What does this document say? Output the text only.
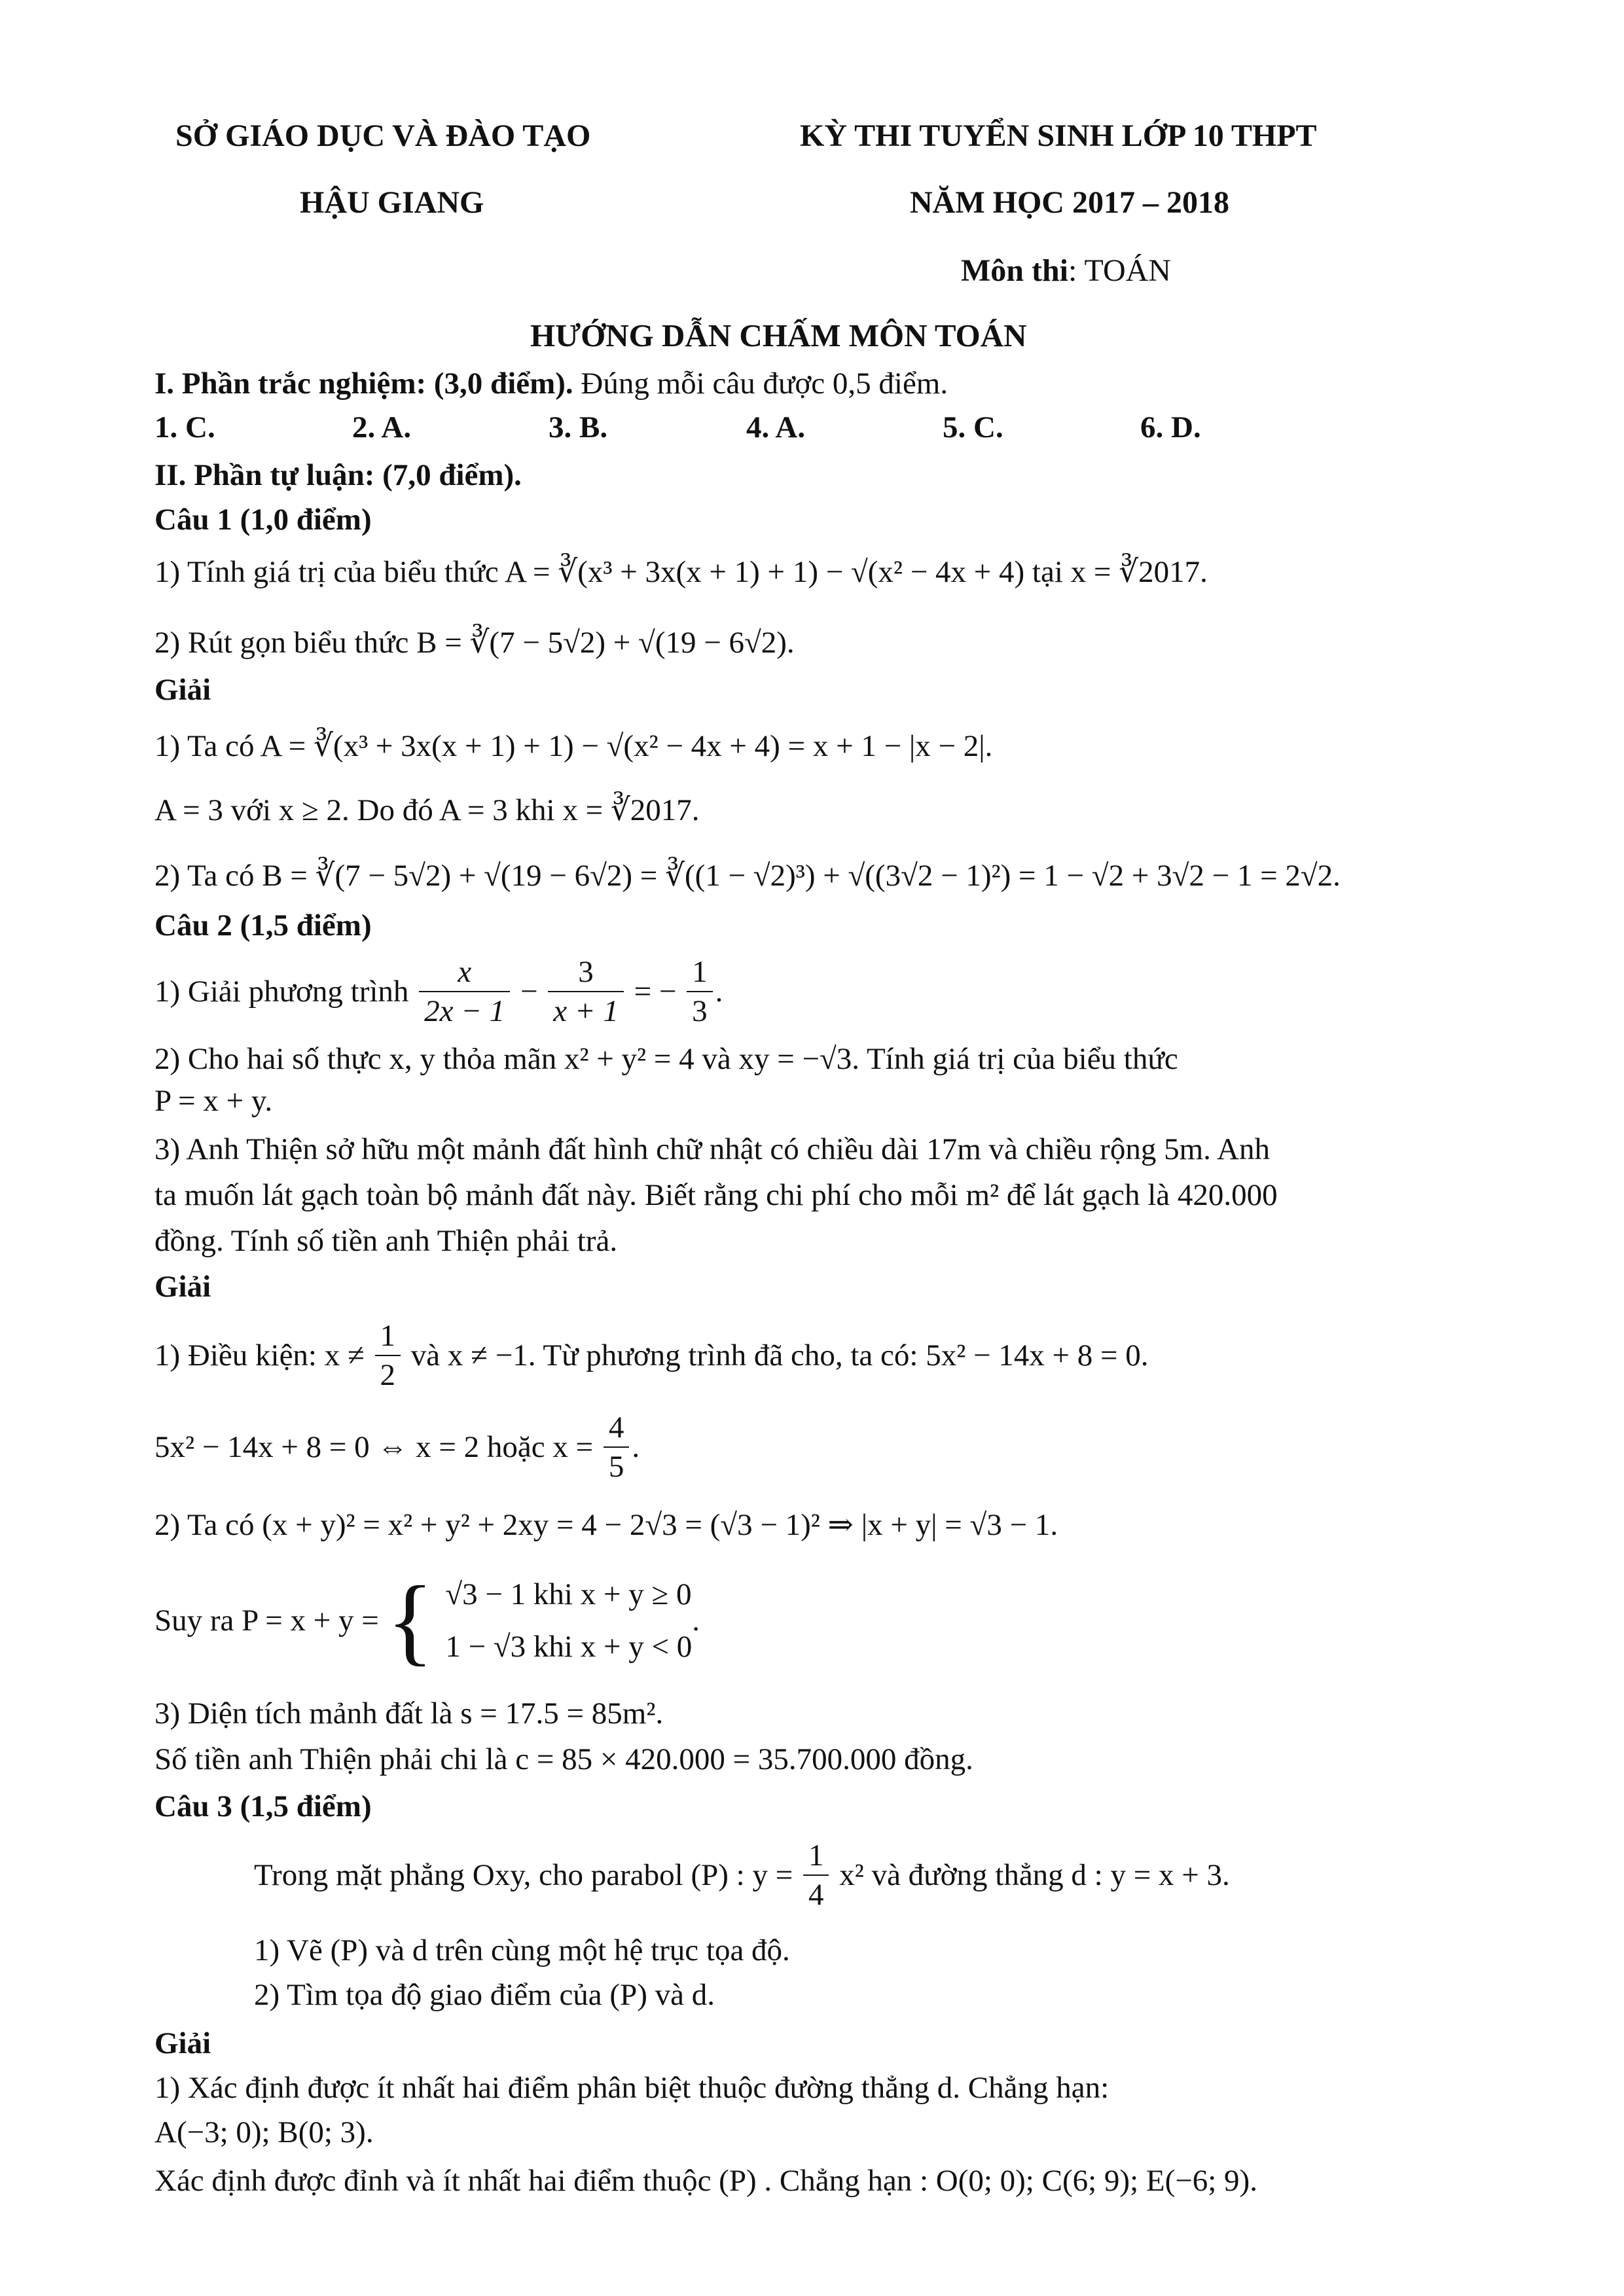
SỞ GIÁO DỤC VÀ ĐÀO TẠO
HẬU GIANG
KỲ THI TUYỂN SINH LỚP 10 THPT
NĂM HỌC 2017 – 2018
Môn thi: TOÁN
HƯỚNG DẪN CHẤM MÔN TOÁN
I. Phần trắc nghiệm: (3,0 điểm). Đúng mỗi câu được 0,5 điểm.
1. C.	2. A.	3. B.	4. A.	5. C.	6. D.
II. Phần tự luận: (7,0 điểm).
Câu 1 (1,0 điểm)
1) Tính giá trị của biểu thức A = ∛(x³ + 3x(x + 1) + 1) − √(x² − 4x + 4) tại x = ∛2017.
2) Rút gọn biểu thức B = ∛(7 − 5√2) + √(19 − 6√2).
Giải
1) Ta có A = ∛(x³ + 3x(x + 1) + 1) − √(x² − 4x + 4) = x + 1 − |x − 2|.
A = 3 với x ≥ 2. Do đó A = 3 khi x = ∛2017.
2) Ta có B = ∛(7 − 5√2) + √(19 − 6√2) = ∛((1 − √2)³) + √((3√2 − 1)²) = 1 − √2 + 3√2 − 1 = 2√2.
Câu 2 (1,5 điểm)
1) Giải phương trình $\frac{x}{2x - 1} - \frac{3}{x + 1}$ = − $\frac{1}{3}$ .
2) Cho hai số thực x, y thỏa mãn x² + y² = 4 và xy = −√3. Tính giá trị của biểu thức
P = x + y.
3) Anh Thiện sở hữu một mảnh đất hình chữ nhật có chiều dài 17m và chiều rộng 5m. Anh
ta muốn lát gạch toàn bộ mảnh đất này. Biết rằng chi phí cho mỗi m² để lát gạch là 420.000
đồng. Tính số tiền anh Thiện phải trả.
Giải
1) Điều kiện: $x \ne \frac{1}{2}$ và x ≠ −1. Từ phương trình đã cho, ta có: 5x² − 14x + 8 = 0.
5x² − 14x + 8 = 0 ⇔ x = 2 hoặc $x = \frac{4}{5}$ .
2) Ta có (x + y)² = x² + y² + 2xy = 4 − 2√3 = (√3 − 1)² ⇒ |x + y| = √3 − 1.
Suy ra P = x + y = { √3 − 1 khi x + y ≥ 0
1 − √3 khi x + y < 0
.
3) Diện tích mảnh đất là s = 17.5 = 85m².
Số tiền anh Thiện phải chi là c = 85 × 420.000 = 35.700.000 đồng.
Câu 3 (1,5 điểm)
Trong mặt phẳng Oxy, cho parabol (P) : $y = \frac{1}{4} x^2$ và đường thẳng d : y = x + 3.
1) Vẽ (P) và d trên cùng một hệ trục tọa độ.
2) Tìm tọa độ giao điểm của (P) và d.
Giải
1) Xác định được ít nhất hai điểm phân biệt thuộc đường thẳng d. Chẳng hạn:
A(−3; 0); B(0; 3).
Xác định được đỉnh và ít nhất hai điểm thuộc (P) . Chẳng hạn : O(0; 0); C(6; 9); E(−6; 9).
